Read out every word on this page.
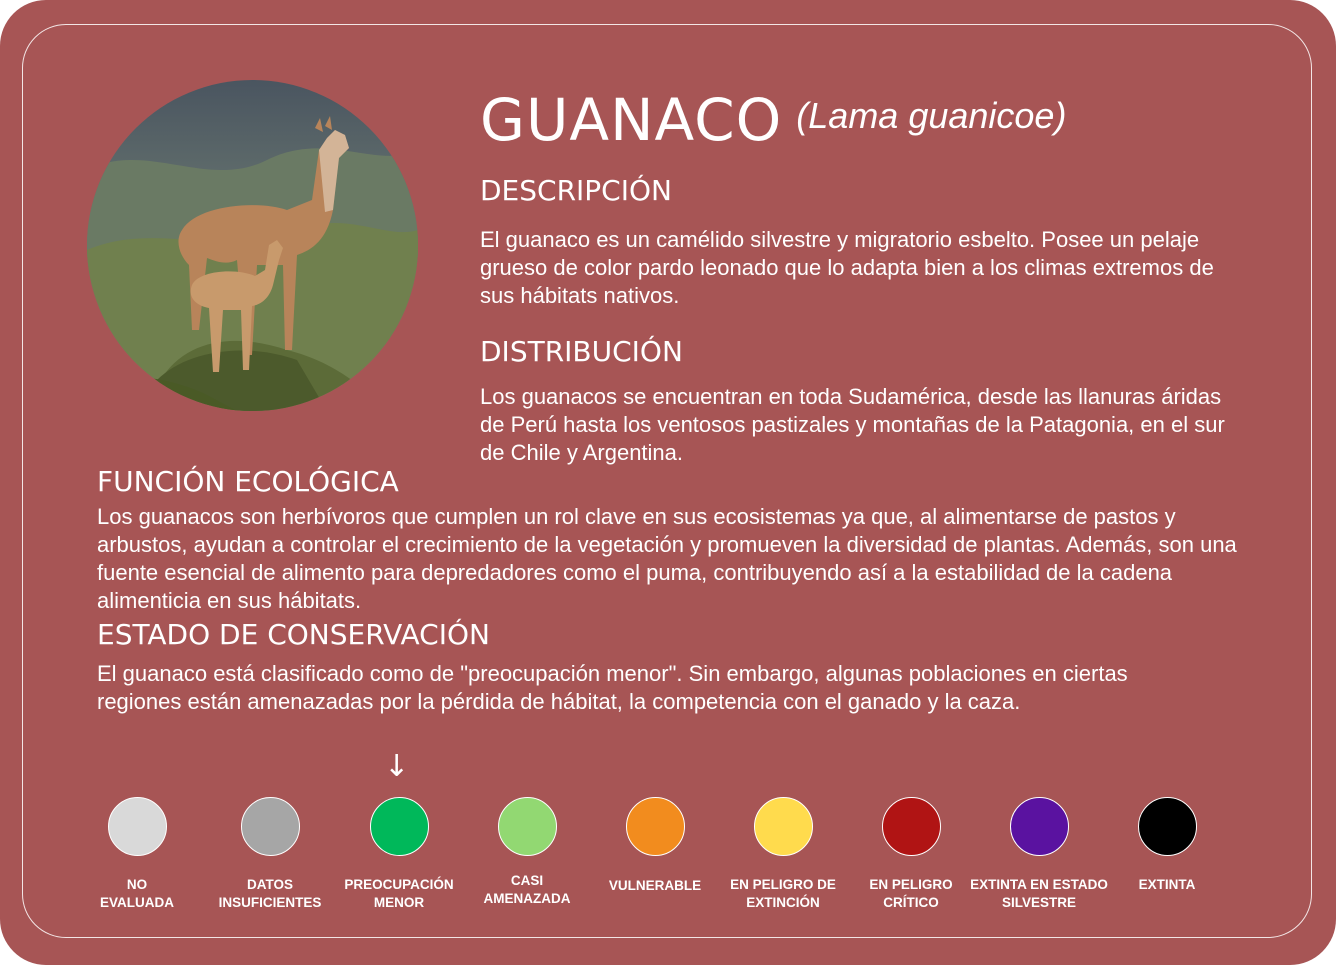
GUANACO (Lama guanicoe)
DESCRIPCIÓN
El guanaco es un camélido silvestre y migratorio esbelto. Posee un pelaje grueso de color pardo leonado que lo adapta bien a los climas extremos de sus hábitats nativos.
DISTRIBUCIÓN
Los guanacos se encuentran en toda Sudamérica, desde las llanuras áridas de Perú hasta los ventosos pastizales y montañas de la Patagonia, en el sur de Chile y Argentina.
FUNCIÓN ECOLÓGICA
Los guanacos son herbívoros que cumplen un rol clave en sus ecosistemas ya que, al alimentarse de pastos y arbustos, ayudan a controlar el crecimiento de la vegetación y promueven la diversidad de plantas. Además, son una fuente esencial de alimento para depredadores como el puma, contribuyendo así a la estabilidad de la cadena alimenticia en sus hábitats.
ESTADO DE CONSERVACIÓN
El guanaco está clasificado como de "preocupación menor". Sin embargo, algunas poblaciones en ciertas regiones están amenazadas por la pérdida de hábitat, la competencia con el ganado y la caza.
↓
NO
EVALUADA
DATOS
INSUFICIENTES
PREOCUPACIÓN
MENOR
CASI
AMENAZADA
VULNERABLE	EN PELIGRO DE
EXTINCIÓN
EN PELIGRO
CRÍTICO
EXTINTA EN ESTADO
SILVESTRE
EXTINTA
